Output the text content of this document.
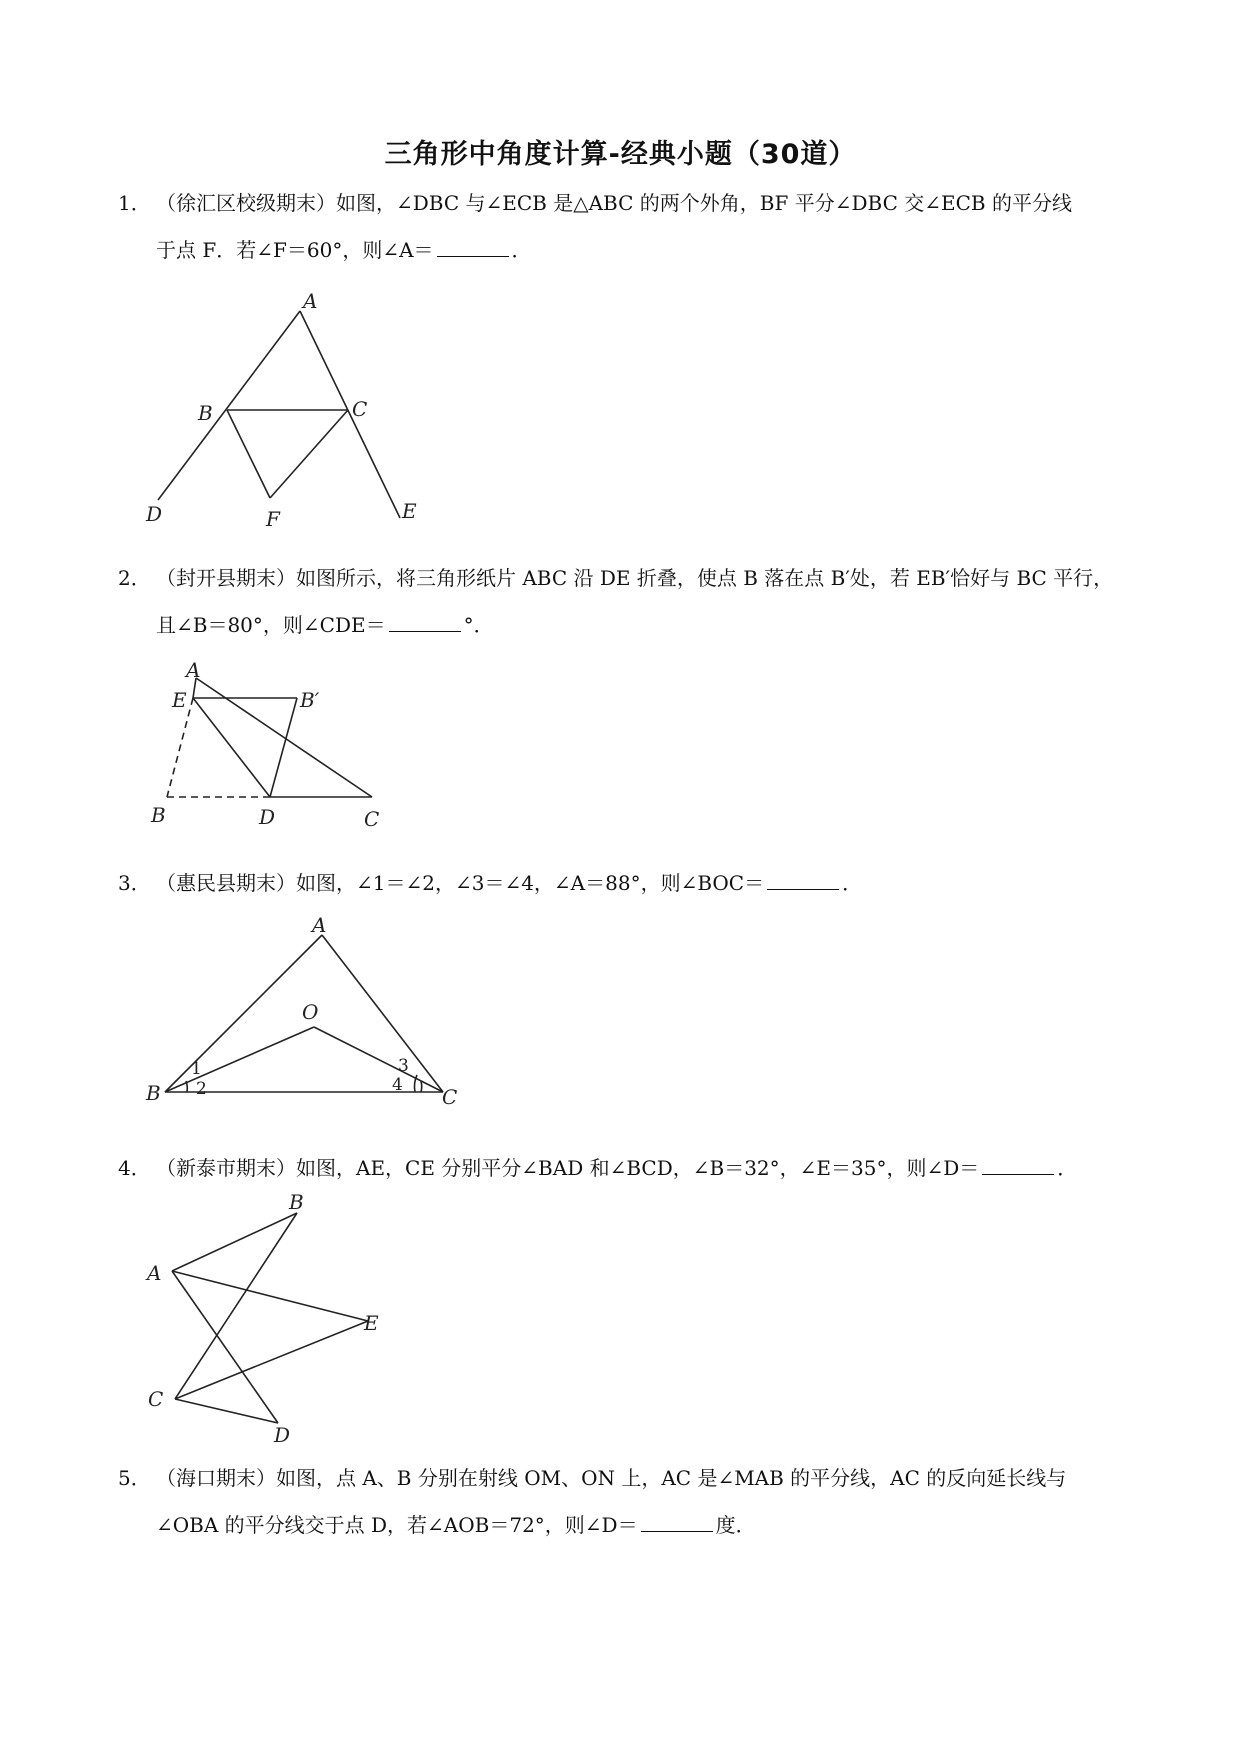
三角形中角度计算-经典小题（30道）
1． （徐汇区校级期末）如图，∠DBC 与∠ECB 是△ABC 的两个外角，BF 平分∠DBC 交∠ECB 的平分线
于点 F．若∠F＝60°，则∠A＝	．
A
B	C
D	E
F
2． （封开县期末）如图所示，将三角形纸片 ABC 沿 DE 折叠，使点 B 落在点 B′处，若 EB′恰好与 BC 平行，
且∠B＝80°，则∠CDE＝	°．
A
E	B′
B	D	C
3． （惠民县期末）如图，∠1＝∠2，∠3＝∠4，∠A＝88°，则∠BOC＝	．
A
O
B	C
1
2
3
4
4． （新泰市期末）如图，AE，CE 分别平分∠BAD 和∠BCD，∠B＝32°，∠E＝35°，则∠D＝	．
B
A
E
C
D
5． （海口期末）如图，点 A、B 分别在射线 OM、ON 上，AC 是∠MAB 的平分线，AC 的反向延长线与
∠OBA 的平分线交于点 D，若∠AOB＝72°，则∠D＝	度．
